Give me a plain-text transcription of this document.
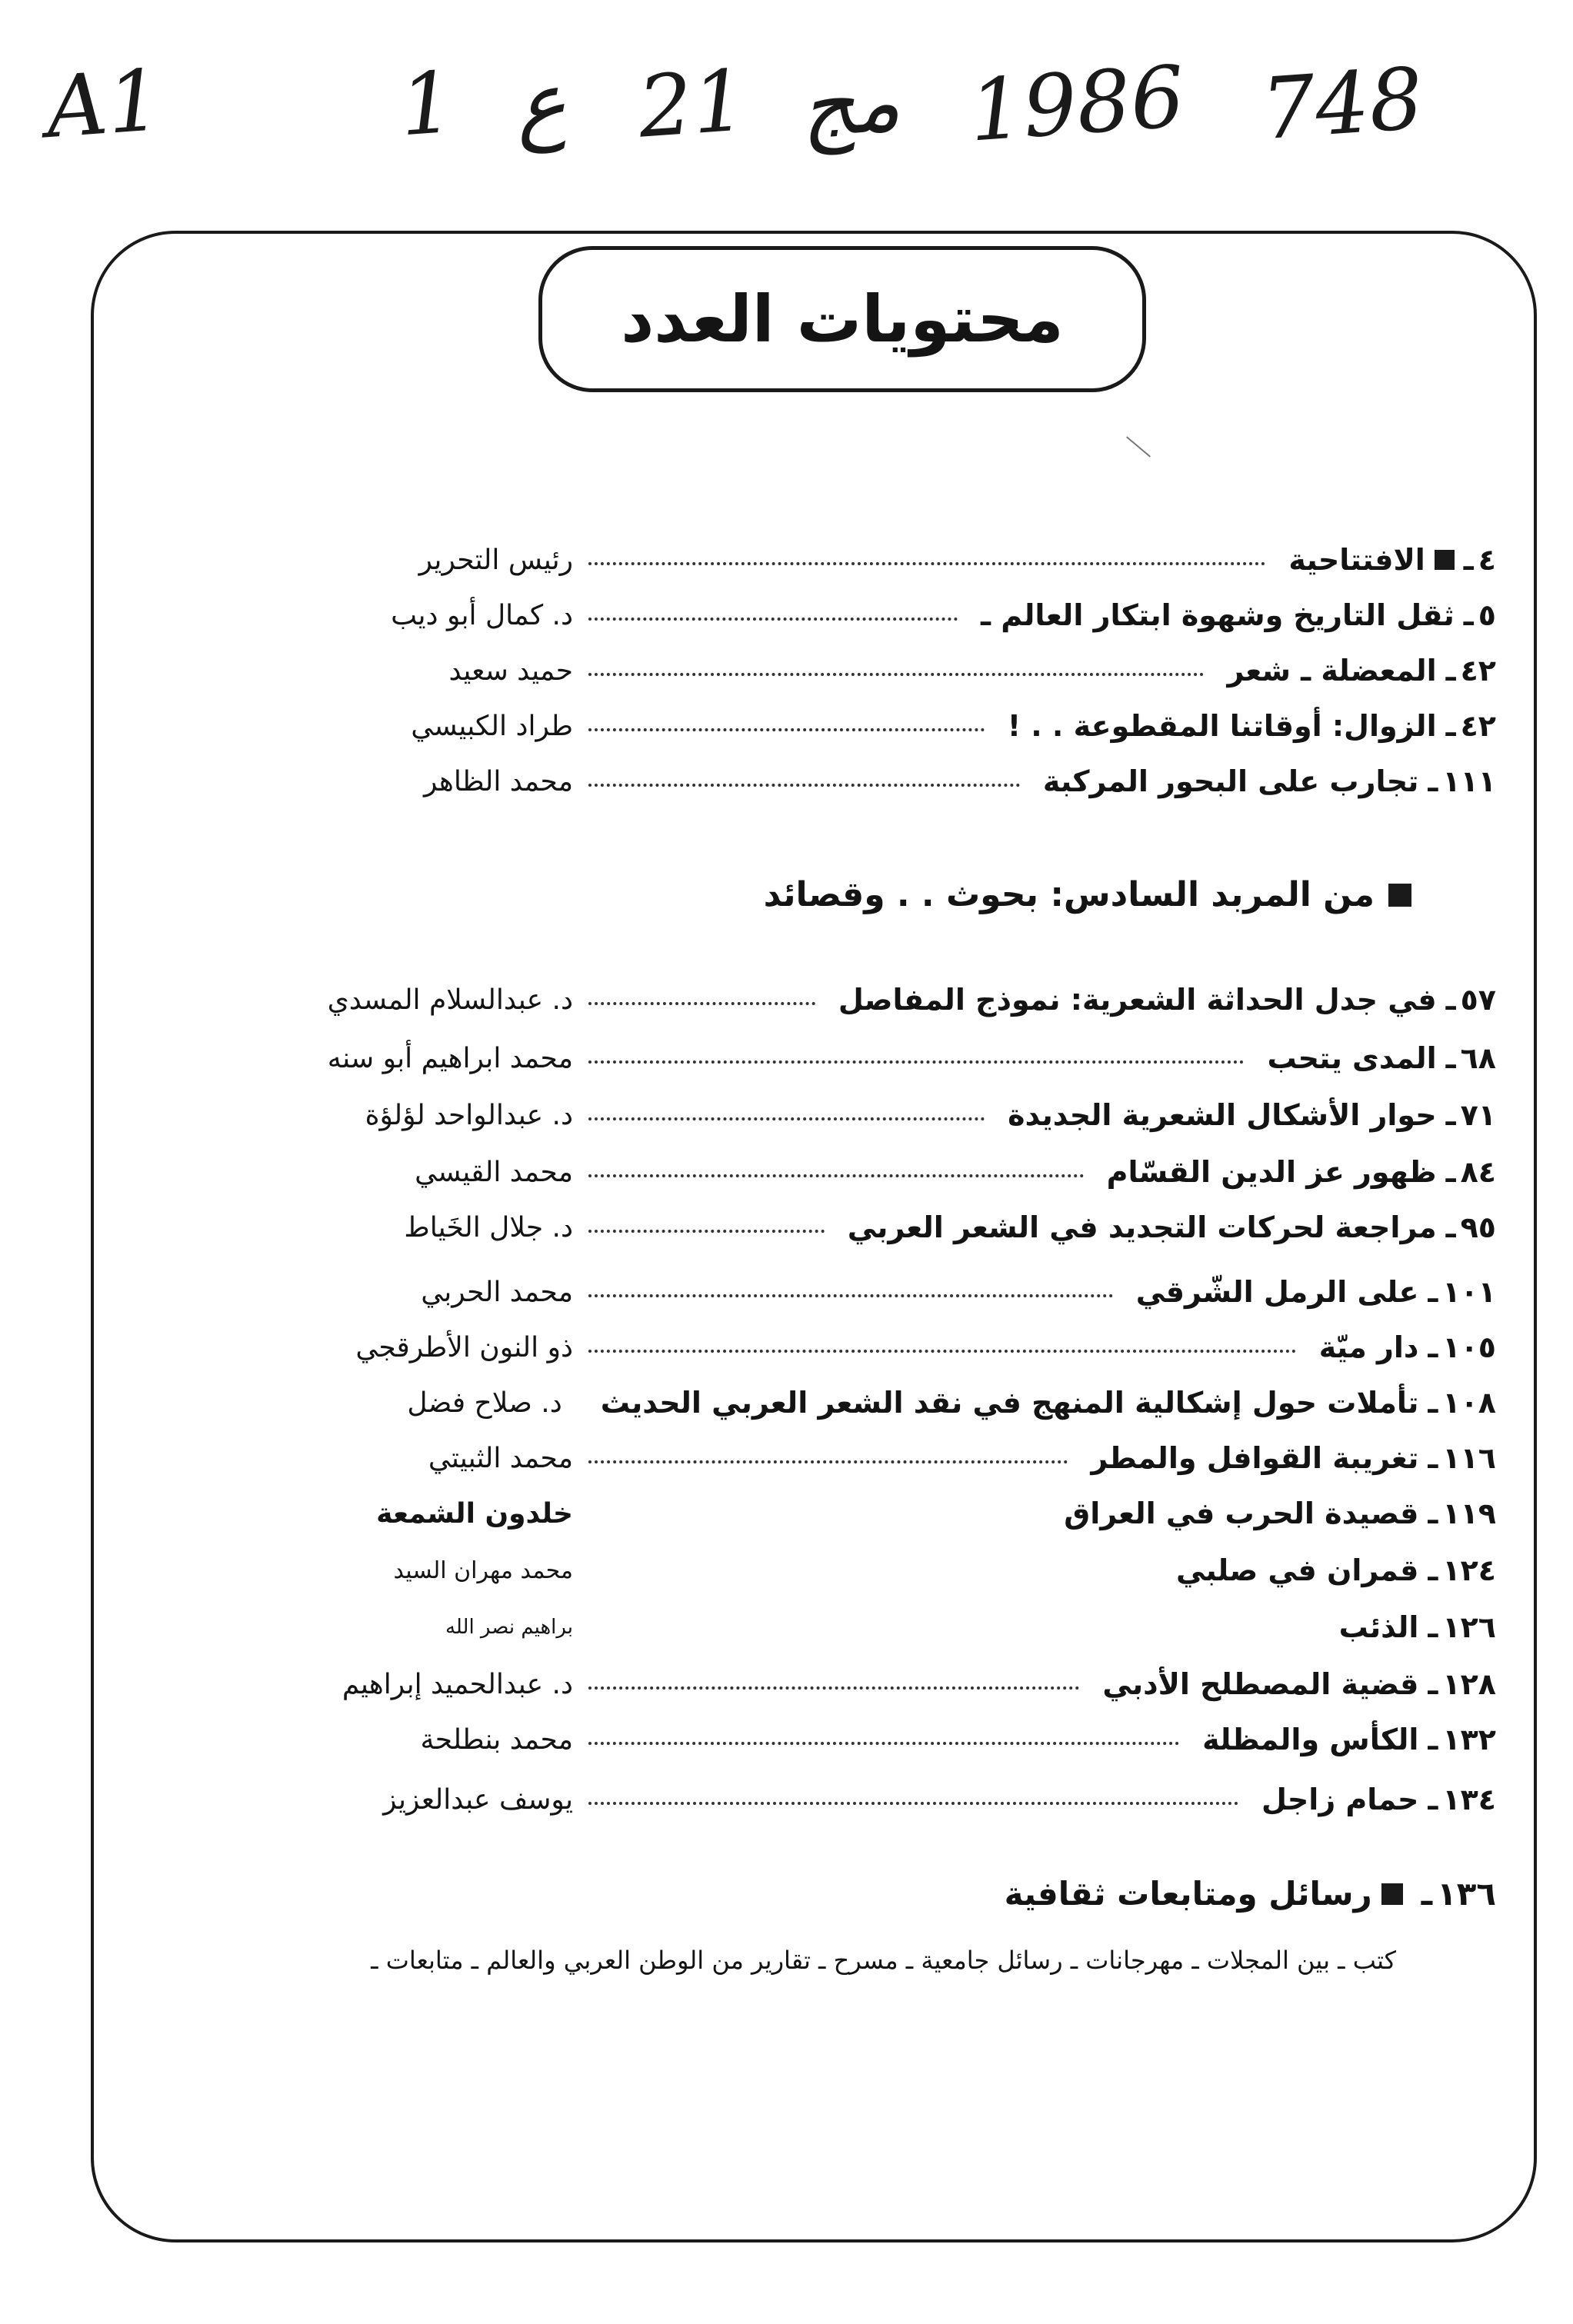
A1	1 ع 21 مج 1986 748
محتويات العدد
٤
ـ
الافتتاحية
رئيس التحرير
٥
ـ
ثقل التاريخ وشهوة ابتكار العالم ـ
د. كمال أبو ديب
٤٢
ـ
المعضلة ـ شعر
حميد سعيد
٤٢
ـ
الزوال: أوقاتنا المقطوعة . . !
طراد الكبيسي
١١١
ـ
تجارب على البحور المركبة
محمد الظاهر
من المربد السادس: بحوث . . وقصائد
٥٧
ـ
في جدل الحداثة الشعرية: نموذج المفاصل
د. عبدالسلام المسدي
٦٨
ـ
المدى يتحب
محمد ابراهيم أبو سنه
٧١
ـ
حوار الأشكال الشعرية الجديدة
د. عبدالواحد لؤلؤة
٨٤
ـ
ظهور عز الدين القسّام
محمد القيسي
٩٥
ـ
مراجعة لحركات التجديد في الشعر العربي
د. جلال الخَياط
١٠١
ـ
على الرمل الشّرقي
محمد الحربي
١٠٥
ـ
دار ميّة
ذو النون الأطرقجي
١٠٨
ـ
تأملات حول إشكالية المنهج في نقد الشعر العربي الحديث
د. صلاح فضل
١١٦
ـ
تغريبة القوافل والمطر
محمد الثبيتي
١١٩
ـ
قصيدة الحرب في العراق
خلدون الشمعة
١٢٤
ـ
قمران في صلبي
محمد مهران السيد
١٢٦
ـ
الذئب
براهيم نصر الله
١٢٨
ـ
قضية المصطلح الأدبي
د. عبدالحميد إبراهيم
١٣٢
ـ
الكأس والمظلة
محمد بنطلحة
١٣٤
ـ
حمام زاجل
يوسف عبدالعزيز
١٣٦
ـ
رسائل ومتابعات ثقافية
كتب ـ بين المجلات ـ مهرجانات ـ رسائل جامعية ـ مسرح ـ تقارير من الوطن العربي والعالم ـ متابعات ـ
